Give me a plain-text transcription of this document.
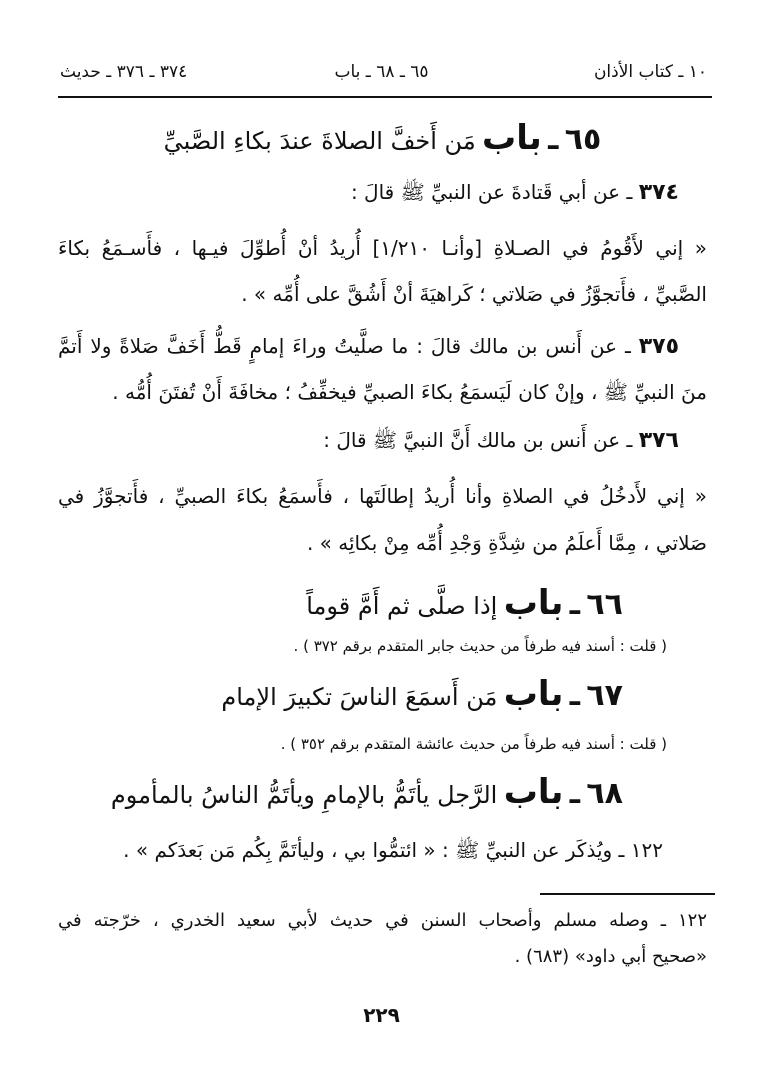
١٠ ـ كتاب الأذان
٦٥ ـ ٦٨ ـ باب
٣٧٤ ـ ٣٧٦ ـ حديث
٦٥ ـ باب مَن أَخفَّ الصلاةَ عندَ بكاءِ الصَّبيِّ
٣٧٤ ـ عن أبي قَتادةَ عن النبيِّ ﷺ قالَ :
« إني لأَقُومُ في الصـلاةِ [وأنـا ١/٢١٠] أُريدُ أنْ أُطوِّلَ فيـها ، فأَسـمَعُ بكاءَ
الصَّبيِّ ، فأَتجوَّزُ في صَلاتي ؛ كَراهيَةَ أنْ أَشُقَّ على أُمِّه » .
٣٧٥ ـ عن أَنس بن مالك قالَ : ما صلَّيتُ وراءَ إمامٍ قَطُّ أَخَفَّ صَلاةً ولا أَتمَّ
منَ النبيِّ ﷺ ، وإنْ كان لَيَسمَعُ بكاءَ الصبيِّ فيخفِّفُ ؛ مخافَةَ أَنْ تُفتَنَ أُمُّه .
٣٧٦ ـ عن أَنس بن مالك أَنَّ النبيَّ ﷺ قالَ :
« إني لأَدخُلُ في الصلاةِ وأنا أُريدُ إطالَتَها ، فأَسمَعُ بكاءَ الصبيِّ ، فأَتجوَّزُ في
صَلاتي ، مِمَّا أَعلَمُ من شِدَّةِ وَجْدِ أُمِّه مِنْ بكائِه » .
٦٦ ـ باب إذا صلَّى ثم أَمَّ قوماً
( قلت : أسند فيه طرفاً من حديث جابر المتقدم برقم ٣٧٢ ) .
٦٧ ـ باب مَن أَسمَعَ الناسَ تكبيرَ الإمام
( قلت : أسند فيه طرفاً من حديث عائشة المتقدم برقم ٣٥٢ ) .
٦٨ ـ باب الرَّجل يأتَمُّ بالإمامِ ويأتَمُّ الناسُ بالمأموم
١٢٢ ـ ويُذكَر عن النبيِّ ﷺ : « ائتمُّوا بي ، وليأتَمَّ بِكُم مَن بَعدَكم » .
١٢٢ ـ وصله مسلم وأصحاب السنن في حديث لأبي سعيد الخدري ، خرّجته في
«صحيح أبي داود» (٦٨٣) .
٢٢٩
